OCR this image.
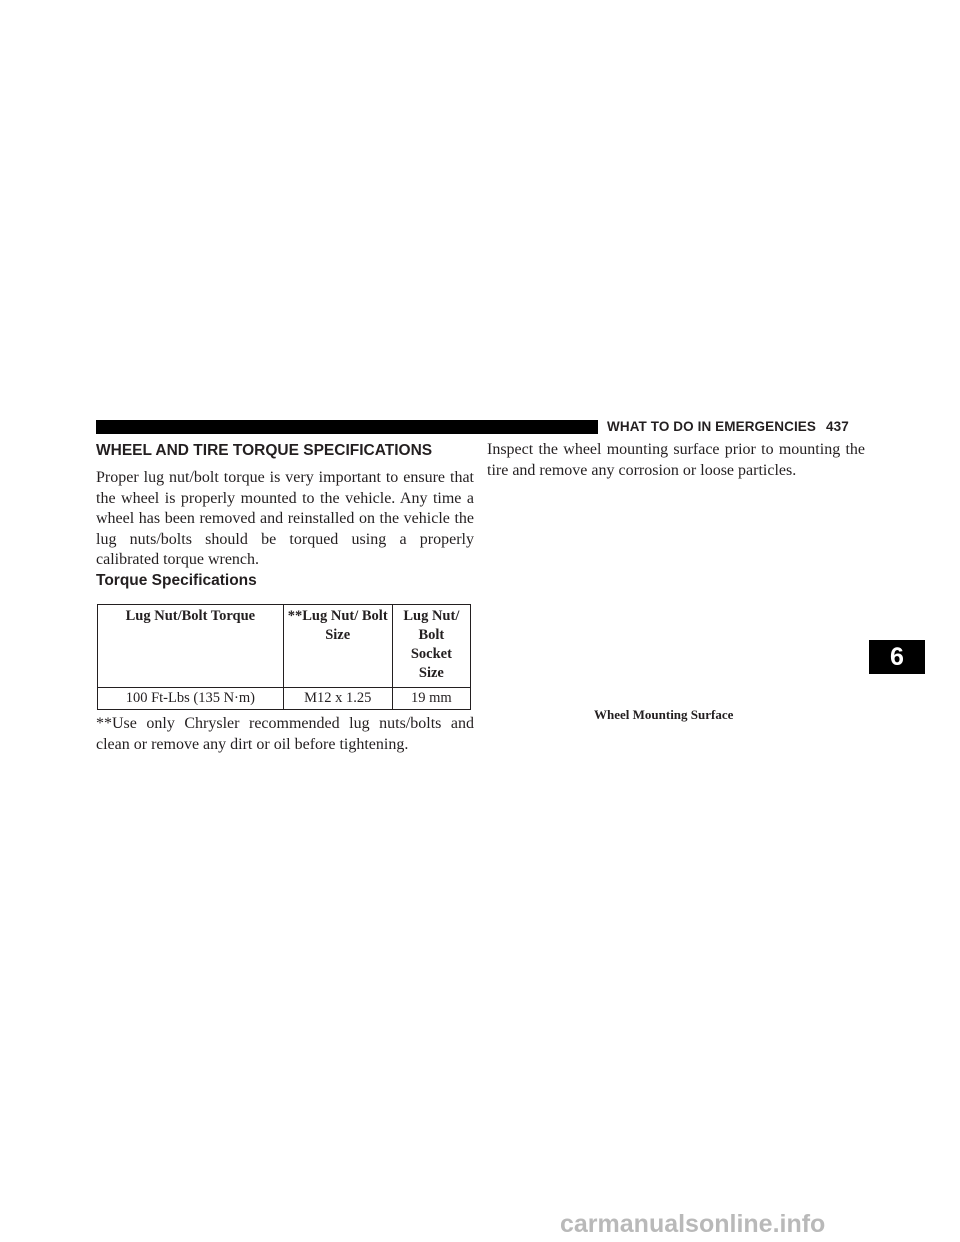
WHAT TO DO IN EMERGENCIES 437
WHEEL AND TIRE TORQUE SPECIFICATIONS

Proper lug nut/bolt torque is very important to ensure that the wheel is properly mounted to the vehicle. Any time a wheel has been removed and reinstalled on the vehicle the lug nuts/bolts should be torqued using a properly calibrated torque wrench.

Torque Specifications
Lug Nut/Bolt Torque	**Lug Nut/ Bolt Size	Lug Nut/ Bolt Socket Size
100 Ft-Lbs (135 N·m)	M12 x 1.25	19 mm

**Use only Chrysler recommended lug nuts/bolts and clean or remove any dirt or oil before tightening.

Inspect the wheel mounting surface prior to mounting the tire and remove any corrosion or loose particles.

Wheel Mounting Surface
6
carmanualsonline.info
